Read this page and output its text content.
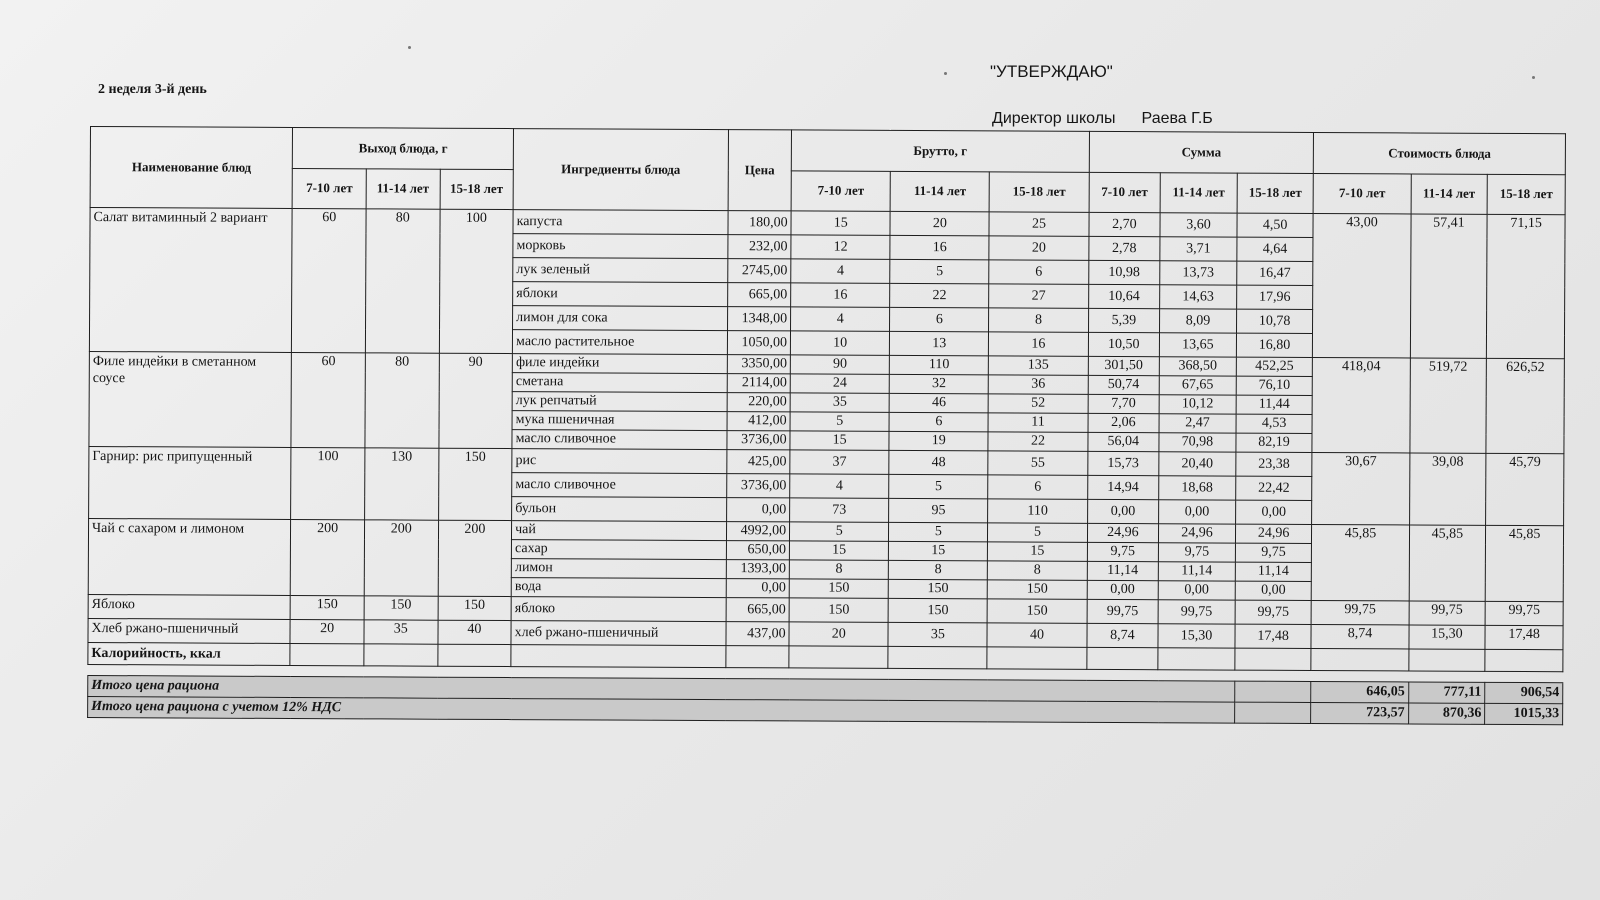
2 неделя 3-й день
"УТВЕРЖДАЮ"
Директор школы Раева Г.Б
Наименование блюд	Выход блюда, г			Ингредиенты блюда	Цена	Брутто, г			Сумма			Стоимость блюда		
	7-10 лет	11-14 лет	15-18 лет			7-10 лет	11-14 лет	15-18 лет	7-10 лет	11-14 лет	15-18 лет	7-10 лет	11-14 лет	15-18 лет
Салат витаминный 2 вариант	60	80	100	капуста	180,00	15	20	25	2,70	3,60	4,50	43,00	57,41	71,15
				морковь	232,00	12	16	20	2,78	3,71	4,64			
				лук зеленый	2745,00	4	5	6	10,98	13,73	16,47			
				яблоки	665,00	16	22	27	10,64	14,63	17,96			
				лимон для сока	1348,00	4	6	8	5,39	8,09	10,78			
				масло растительное	1050,00	10	13	16	10,50	13,65	16,80			
Филе индейки в сметанном соусе	60	80	90	филе индейки	3350,00	90	110	135	301,50	368,50	452,25	418,04	519,72	626,52
				сметана	2114,00	24	32	36	50,74	67,65	76,10			
				лук репчатый	220,00	35	46	52	7,70	10,12	11,44			
				мука пшеничная	412,00	5	6	11	2,06	2,47	4,53			
				масло сливочное	3736,00	15	19	22	56,04	70,98	82,19			
Гарнир: рис припущенный	100	130	150	рис	425,00	37	48	55	15,73	20,40	23,38	30,67	39,08	45,79
				масло сливочное	3736,00	4	5	6	14,94	18,68	22,42			
				бульон	0,00	73	95	110	0,00	0,00	0,00			
Чай с сахаром и лимоном	200	200	200	чай	4992,00	5	5	5	24,96	24,96	24,96	45,85	45,85	45,85
				сахар	650,00	15	15	15	9,75	9,75	9,75			
				лимон	1393,00	8	8	8	11,14	11,14	11,14			
				вода	0,00	150	150	150	0,00	0,00	0,00			
Яблоко	150	150	150	яблоко	665,00	150	150	150	99,75	99,75	99,75	99,75	99,75	99,75
Хлеб ржано-пшеничный	20	35	40	хлеб ржано-пшеничный	437,00	20	35	40	8,74	15,30	17,48	8,74	15,30	17,48
Калорийность, ккал														

Итого цена рациона												646,05	777,11	906,54
Итого цена рациона с учетом 12% НДС												723,57	870,36	1015,33
